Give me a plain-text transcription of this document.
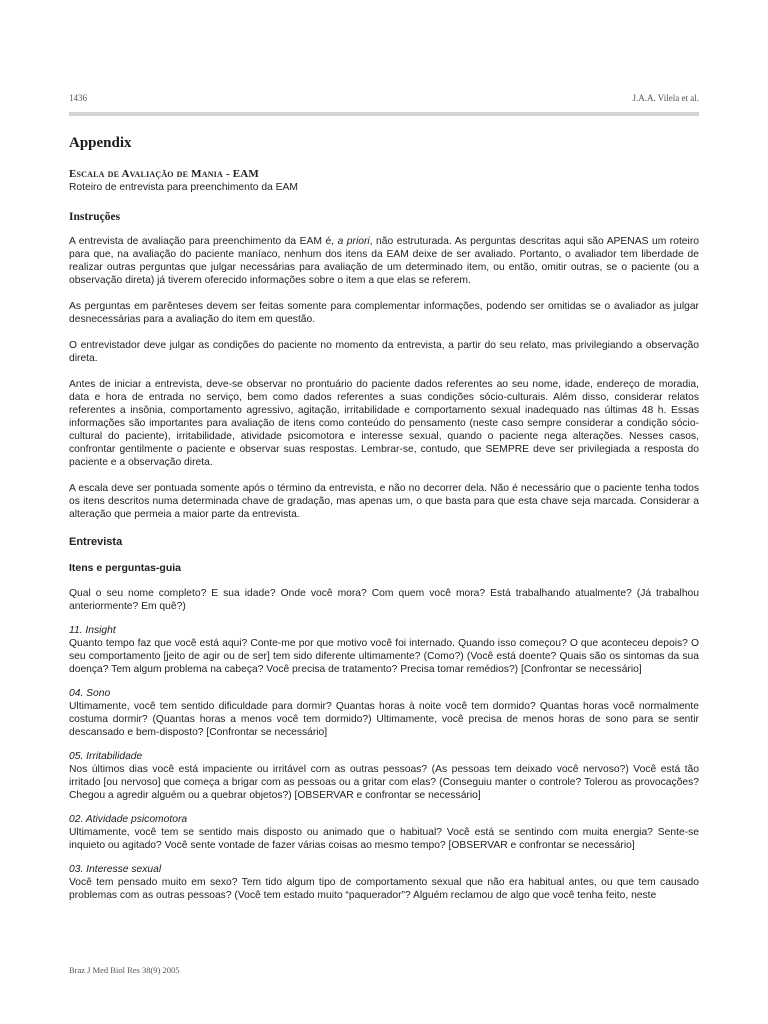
1436	J.A.A. Vilela et al.
Appendix
Escala de Avaliação de Mania - EAM

Roteiro de entrevista para preenchimento da EAM

Instruções

A entrevista de avaliação para preenchimento da EAM é, a priori, não estruturada. As perguntas descritas aqui são APENAS um roteiro para que, na avaliação do paciente maníaco, nenhum dos itens da EAM deixe de ser avaliado. Portanto, o avaliador tem liberdade de realizar outras perguntas que julgar necessárias para avaliação de um determinado item, ou então, omitir outras, se o paciente (ou a observação direta) já tiverem oferecido informações sobre o item a que elas se referem.

As perguntas em parênteses devem ser feitas somente para complementar informações, podendo ser omitidas se o avaliador as julgar desnecessárias para a avaliação do item em questão.

O entrevistador deve julgar as condições do paciente no momento da entrevista, a partir do seu relato, mas privilegiando a observação direta.

Antes de iniciar a entrevista, deve-se observar no prontuário do paciente dados referentes ao seu nome, idade, endereço de moradia, data e hora de entrada no serviço, bem como dados referentes a suas condições sócio-culturais. Além disso, considerar relatos referentes a insônia, comportamento agressivo, agitação, irritabilidade e comportamento sexual inadequado nas últimas 48 h. Essas informações são importantes para avaliação de itens como conteúdo do pensamento (neste caso sempre considerar a condição sócio-cultural do paciente), irritabilidade, atividade psicomotora e interesse sexual, quando o paciente nega alterações. Nesses casos, confrontar gentilmente o paciente e observar suas respostas. Lembrar-se, contudo, que SEMPRE deve ser privilegiada a resposta do paciente e a observação direta.

A escala deve ser pontuada somente após o término da entrevista, e não no decorrer dela. Não é necessário que o paciente tenha todos os itens descritos numa determinada chave de gradação, mas apenas um, o que basta para que esta chave seja marcada. Considerar a alteração que permeia a maior parte da entrevista.

Entrevista
Itens e perguntas-guia

Qual o seu nome completo? E sua idade? Onde você mora? Com quem você mora? Está trabalhando atualmente? (Já trabalhou anteriormente? Em quê?)

11. Insight

Quanto tempo faz que você está aqui? Conte-me por que motivo você foi internado. Quando isso começou? O que aconteceu depois? O seu comportamento [jeito de agir ou de ser] tem sido diferente ultimamente? (Como?) (Você está doente? Quais são os sintomas da sua doença? Tem algum problema na cabeça? Você precisa de tratamento? Precisa tomar remédios?) [Confrontar se necessário]

04. Sono

Ultimamente, você tem sentido dificuldade para dormir? Quantas horas à noite você tem dormido? Quantas horas você normalmente costuma dormir? (Quantas horas a menos você tem dormido?) Ultimamente, você precisa de menos horas de sono para se sentir descansado e bem-disposto? [Confrontar se necessário]

05. Irritabilidade

Nos últimos dias você está impaciente ou irritável com as outras pessoas? (As pessoas tem deixado você nervoso?) Você está tão irritado [ou nervoso] que começa a brigar com as pessoas ou a gritar com elas? (Conseguiu manter o controle? Tolerou as provocações? Chegou a agredir alguém ou a quebrar objetos?) [OBSERVAR e confrontar se necessário]

02. Atividade psicomotora

Ultimamente, você tem se sentido mais disposto ou animado que o habitual? Você está se sentindo com muita energia? Sente-se inquieto ou agitado? Você sente vontade de fazer várias coisas ao mesmo tempo? [OBSERVAR e confrontar se necessário]

03. Interesse sexual

Você tem pensado muito em sexo? Tem tido algum tipo de comportamento sexual que não era habitual antes, ou que tem causado problemas com as outras pessoas? (Você tem estado muito “paquerador”? Alguém reclamou de algo que você tenha feito, neste

Braz J Med Biol Res 38(9) 2005
